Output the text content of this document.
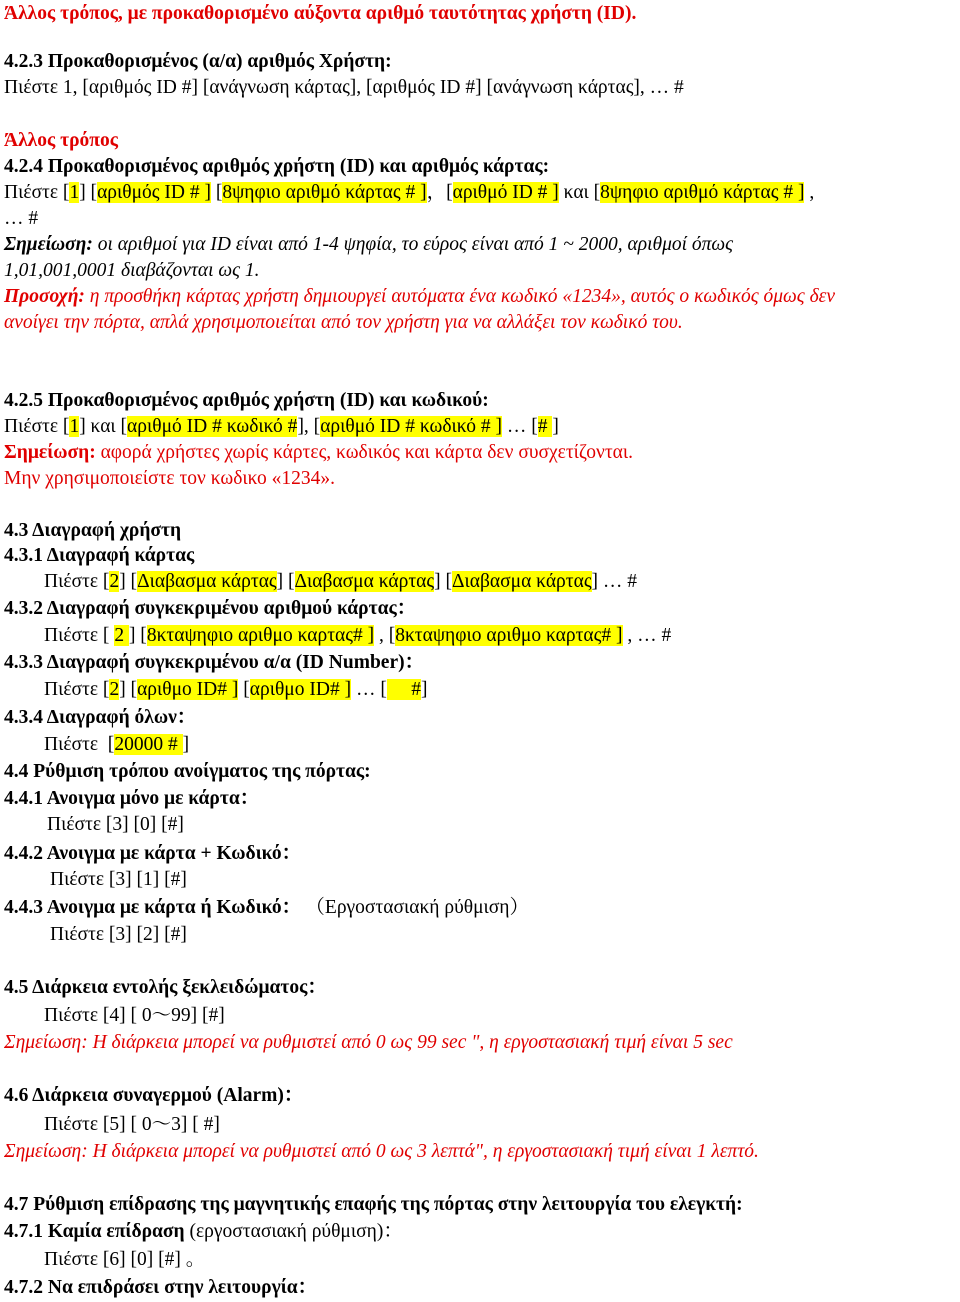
Άλλος τρόπος, με προκαθορισμένο αύξοντα αριθμό ταυτότητας χρήστη (ID).
4.2.3 Προκαθορισμένος (α/α) αριθμός Χρήστη:
Πιέστε 1, [αριθμός ID #] [ανάγνωση κάρτας], [αριθμός ID #] [ανάγνωση κάρτας], … #
Άλλος τρόπος
4.2.4 Προκαθορισμένος αριθμός χρήστη (ID) και αριθμός κάρτας:
Πιέστε [1] [αριθμός ID # ] [8ψηφιο αριθμό κάρτας # ]，[αριθμό ID # ] και [8ψηφιο αριθμό κάρτας # ] ,
… #
Σημείωση: οι αριθμοί για ID είναι από 1-4 ψηφία, το εύρος είναι από 1 ~ 2000, αριθμοί όπως
1,01,001,0001 διαβάζονται ως 1.
Προσοχή: η προσθήκη κάρτας χρήστη δημιουργεί αυτόματα ένα κωδικό «1234», αυτός ο κωδικός όμως δεν
ανοίγει την πόρτα, απλά χρησιμοποιείται από τον χρήστη για να αλλάξει τον κωδικό του.
4.2.5 Προκαθορισμένος αριθμός χρήστη (ID) και κωδικού:
Πιέστε [1] και [αριθμό ID # κωδικό #], [αριθμό ID # κωδικό # ] … [# ]
Σημείωση: αφορά χρήστες χωρίς κάρτες, κωδικός και κάρτα δεν συσχετίζονται.
Μην χρησιμοποιείστε τον κωδικο «1234».
4.3 Διαγραφή χρήστη
4.3.1 Διαγραφή κάρτας
Πιέστε [2] [Διαβασμα κάρτας] [Διαβασμα κάρτας] [Διαβασμα κάρτας] … #
4.3.2 Διαγραφή συγκεκριμένου αριθμού κάρτας：
Πιέστε [ 2 ] [8κταψηφιο αριθμο καρτας# ] , [8κταψηφιο αριθμο καρτας# ] , … #
4.3.3 Διαγραφή συγκεκριμένου α/α (ID Number)：
Πιέστε [2] [αριθμο ID# ] [αριθμο ID# ] … [     #]
4.3.4 Διαγραφή όλων：
Πιέστε  [20000 # ]
4.4 Ρύθμιση τρόπου ανοίγματος της πόρτας:
4.4.1 Ανοιγμα μόνο με κάρτα：
Πιέστε [3] [0] [#]
4.4.2 Ανοιγμα με κάρτα + Κωδικό：
Πιέστε [3] [1] [#]
4.4.3 Ανοιγμα με κάρτα ή Κωδικό： （Εργοστασιακή ρύθμιση）
Πιέστε [3] [2] [#]
4.5 Διάρκεια εντολής ξεκλειδώματος：
Πιέστε [4] [ 0～99] [#]
Σημείωση: Η διάρκεια μπορεί να ρυθμιστεί από 0 ως 99 sec ", η εργοστασιακή τιμή είναι 5 sec
4.6 Διάρκεια συναγερμού (Alarm)：
Πιέστε [5] [ 0～3] [ #]
Σημείωση: Η διάρκεια μπορεί να ρυθμιστεί από 0 ως 3 λεπτά", η εργοστασιακή τιμή είναι 1 λεπτό.
4.7 Ρύθμιση επίδρασης της μαγνητικής επαφής της πόρτας στην λειτουργία του ελεγκτή:
4.7.1 Καμία επίδραση (εργοστασιακή ρύθμιση)：
Πιέστε [6] [0] [#] 。
4.7.2 Να επιδράσει στην λειτουργία：
